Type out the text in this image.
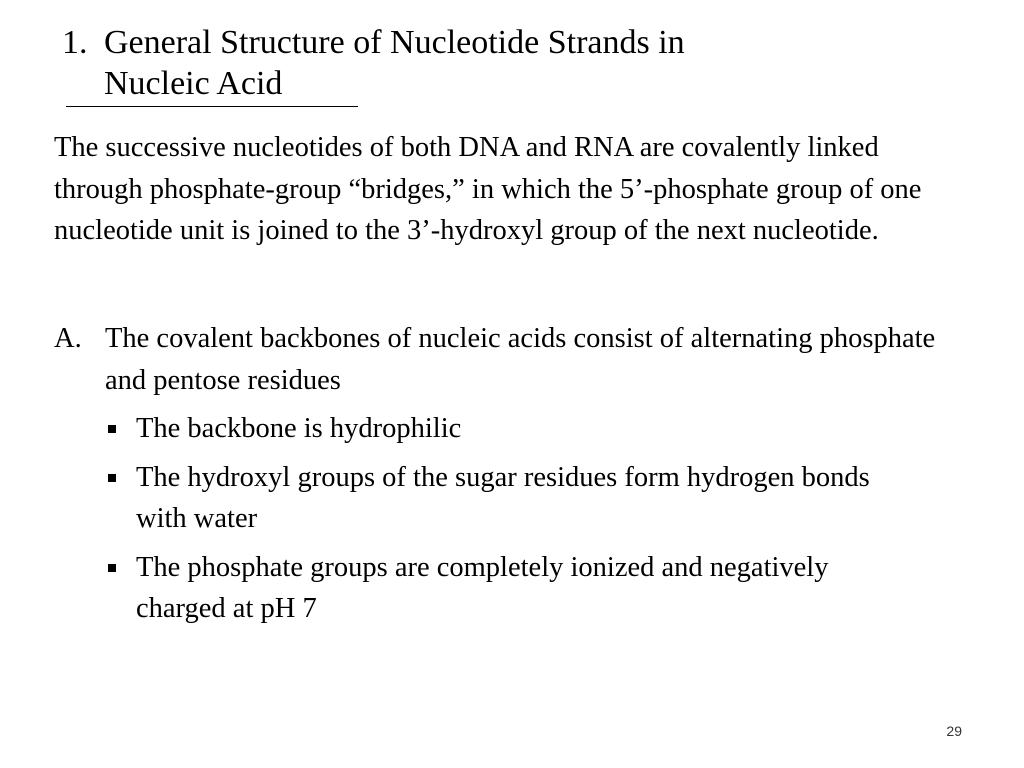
1. General Structure of Nucleotide Strands in
Nucleic Acid
The successive nucleotides of both DNA and RNA are covalently linked through phosphate-group “bridges,” in which the 5’-phosphate group of one nucleotide unit is joined to the 3’-hydroxyl group of the next nucleotide.
A. The covalent backbones of nucleic acids consist of alternating phosphate and pentose residues
The backbone is hydrophilic
The hydroxyl groups of the sugar residues form hydrogen bonds with water
The phosphate groups are completely ionized and negatively charged at pH 7
29
